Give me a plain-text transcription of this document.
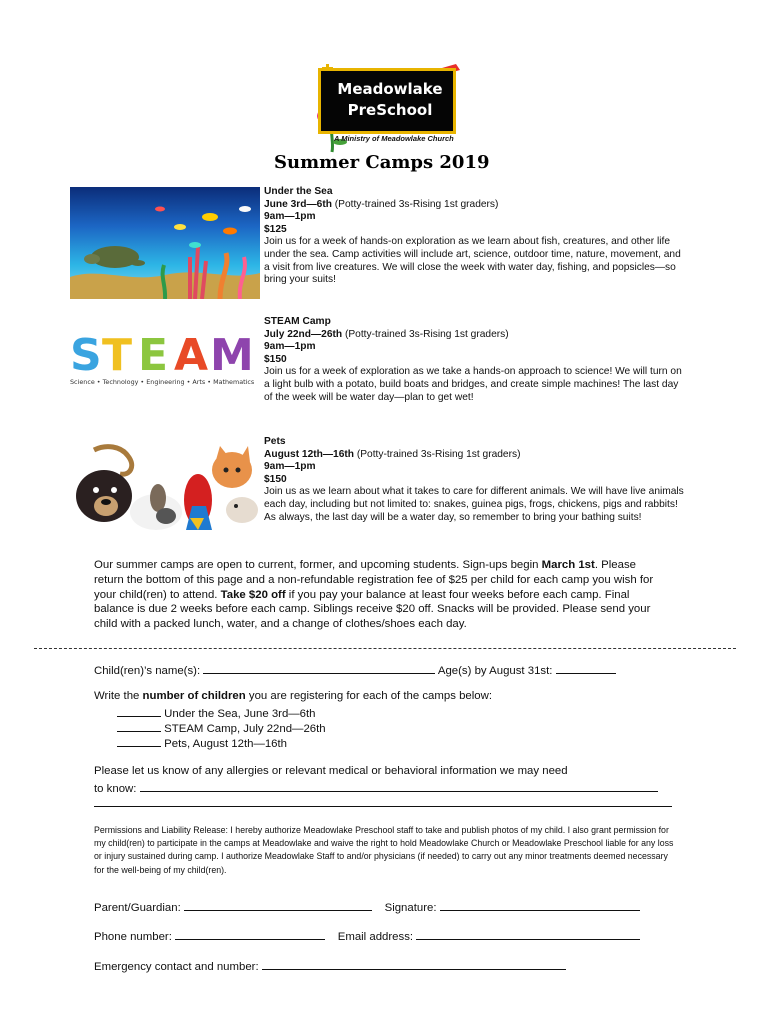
Meadowlake
PreSchool
A Ministry of Meadowlake Church
Summer Camps 2019
S T E A M
Science • Technology • Engineering • Arts • Mathematics
Under the Sea
June 3rd—6th (Potty-trained 3s-Rising 1st graders)
9am—1pm
$125

Join us for a week of hands-on exploration as we learn about fish, creatures, and other life under the sea. Camp activities will include art, science, outdoor time, nature, movement, and a visit from live creatures. We will close the week with water day, fishing, and popsicles—so bring your suits!
STEAM Camp
July 22nd—26th (Potty-trained 3s-Rising 1st graders)
9am—1pm
$150

Join us for a week of exploration as we take a hands-on approach to science! We will turn on a light bulb with a potato, build boats and bridges, and create simple machines! The last day of the week will be water day—plan to get wet!
Pets
August 12th—16th (Potty-trained 3s-Rising 1st graders)
9am—1pm
$150

Join us as we learn about what it takes to care for different animals. We will have live animals each day, including but not limited to: snakes, guinea pigs, frogs, chickens, pigs and rabbits! As always, the last day will be a water day, so remember to bring your bathing suits!
Our summer camps are open to current, former, and upcoming students. Sign-ups begin March 1st. Please return the bottom of this page and a non-refundable registration fee of $25 per child for each camp you wish for your child(ren) to attend. Take $20 off if you pay your balance at least four weeks before each camp. Final balance is due 2 weeks before each camp. Siblings receive $20 off. Snacks will be provided. Please send your child with a packed lunch, water, and a change of clothes/shoes each day.
Child(ren)’s name(s):	Age(s) by August 31st:
Write the number of children you are registering for each of the camps below:
Under the Sea, June 3rd—6th
STEAM Camp, July 22nd—26th
Pets, August 12th—16th
Please let us know of any allergies or relevant medical or behavioral information we may need
to know:
Permissions and Liability Release: I hereby authorize Meadowlake Preschool staff to take and publish photos of my child. I also grant permission for my child(ren) to participate in the camps at Meadowlake and waive the right to hold Meadowlake Church or Meadowlake Preschool liable for any loss or injury sustained during camp. I authorize Meadowlake Staff to and/or physicians (if needed) to carry out any minor treatments deemed necessary for the well-being of my child(ren).
Parent/Guardian:	Signature:
Phone number:	Email address:
Emergency contact and number:
